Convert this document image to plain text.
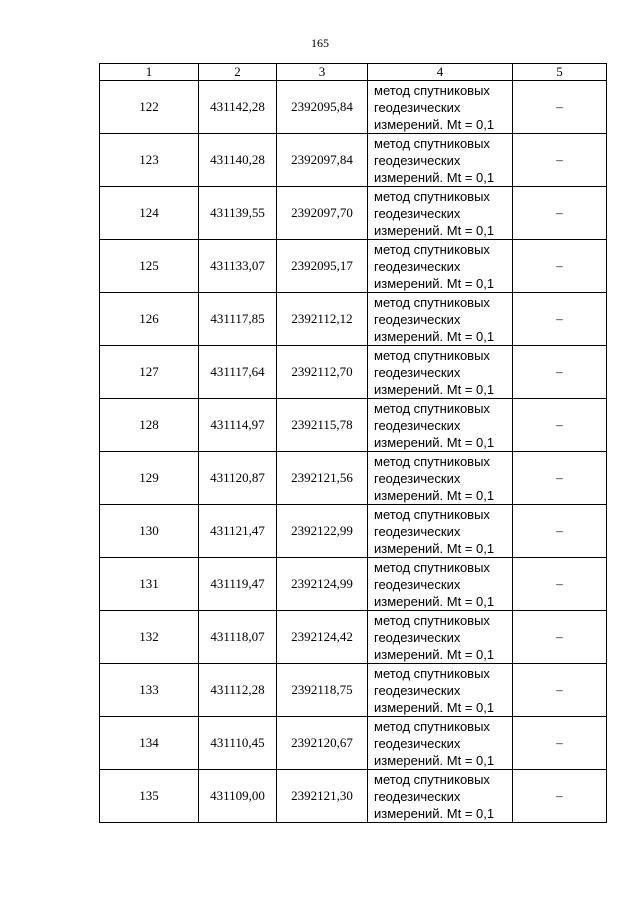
165
1	2	3	4	5
122	431142,28	2392095,84	метод спутниковых
геодезических
измерений. Mt = 0,1	–
123	431140,28	2392097,84	метод спутниковых
геодезических
измерений. Mt = 0,1	–
124	431139,55	2392097,70	метод спутниковых
геодезических
измерений. Mt = 0,1	–
125	431133,07	2392095,17	метод спутниковых
геодезических
измерений. Mt = 0,1	–
126	431117,85	2392112,12	метод спутниковых
геодезических
измерений. Mt = 0,1	–
127	431117,64	2392112,70	метод спутниковых
геодезических
измерений. Mt = 0,1	–
128	431114,97	2392115,78	метод спутниковых
геодезических
измерений. Mt = 0,1	–
129	431120,87	2392121,56	метод спутниковых
геодезических
измерений. Mt = 0,1	–
130	431121,47	2392122,99	метод спутниковых
геодезических
измерений. Mt = 0,1	–
131	431119,47	2392124,99	метод спутниковых
геодезических
измерений. Mt = 0,1	–
132	431118,07	2392124,42	метод спутниковых
геодезических
измерений. Mt = 0,1	–
133	431112,28	2392118,75	метод спутниковых
геодезических
измерений. Mt = 0,1	–
134	431110,45	2392120,67	метод спутниковых
геодезических
измерений. Mt = 0,1	–
135	431109,00	2392121,30	метод спутниковых
геодезических
измерений. Mt = 0,1	–
